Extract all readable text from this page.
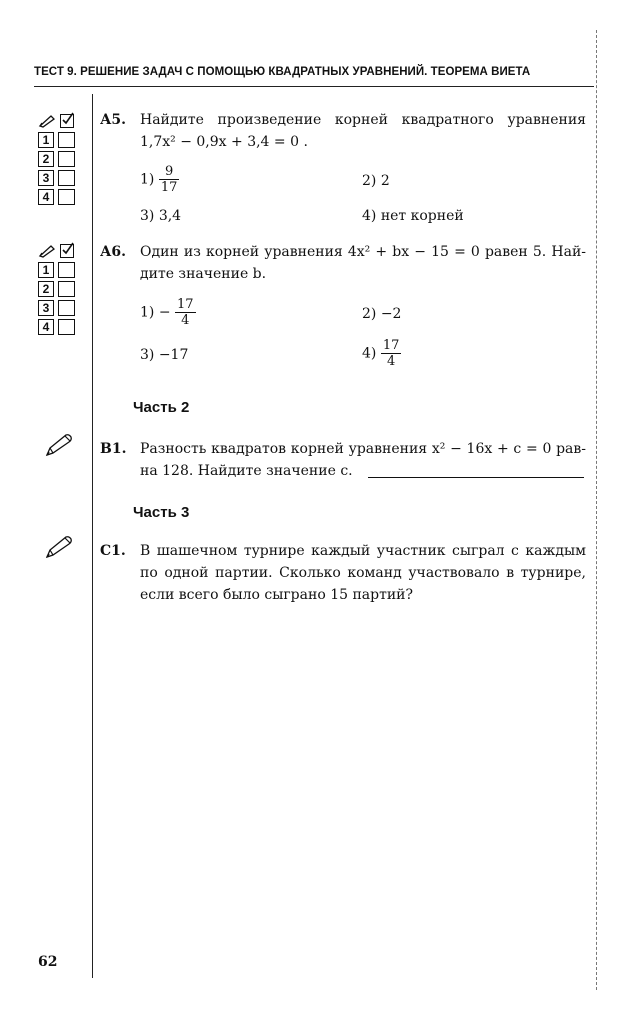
ТЕСТ 9. РЕШЕНИЕ ЗАДАЧ С ПОМОЩЬЮ КВАДРАТНЫХ УРАВНЕНИЙ. ТЕОРЕМА ВИЕТА
1
2
3
4
А5. Найдите произведение корней квадратного уравнения
1,7x² − 0,9x + 3,4 = 0 .
$1) \frac{9}{17}$	2) 2
3) 3,4	4) нет корней
1
2
3
4
А6. Один из корней уравнения 4x² + bx − 15 = 0 равен 5. Най-
дите значение b.
$1) - \frac{17}{4}$	2) −2
3) −17	$4) \frac{17}{4}$
Часть 2
В1. Разность квадратов корней уравнения x² − 16x + c = 0 рав-
на 128. Найдите значение c.
Часть 3
С1. В шашечном турнире каждый участник сыграл с каждым
по одной партии. Сколько команд участвовало в турнире,
если всего было сыграно 15 партий?
62
